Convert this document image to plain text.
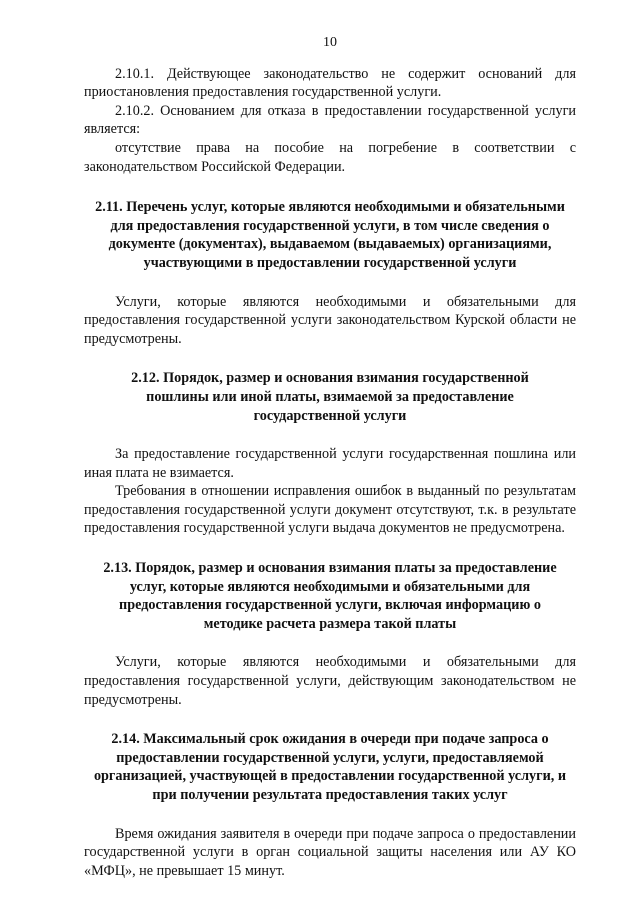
10

2.10.1. Действующее законодательство не содержит оснований для приостановления предоставления государственной услуги.

2.10.2. Основанием для отказа в предоставлении государственной услуги является:

отсутствие права на пособие на погребение в соответствии с законодательством Российской Федерации.

2.11. Перечень услуг, которые являются необходимыми и обязательными для предоставления государственной услуги, в том числе сведения о документе (документах), выдаваемом (выдаваемых) организациями, участвующими в предоставлении государственной услуги

Услуги, которые являются необходимыми и обязательными для предоставления государственной услуги законодательством Курской области не предусмотрены.

2.12. Порядок, размер и основания взимания государственной пошлины или иной платы, взимаемой за предоставление государственной услуги

За предоставление государственной услуги государственная пошлина или иная плата не взимается.

Требования в отношении исправления ошибок в выданный по результатам предоставления государственной услуги документ отсутствуют, т.к. в результате предоставления государственной услуги выдача документов не предусмотрена.

2.13. Порядок, размер и основания взимания платы за предоставление услуг, которые являются необходимыми и обязательными для предоставления государственной услуги, включая информацию о методике расчета размера такой платы

Услуги, которые являются необходимыми и обязательными для предоставления государственной услуги, действующим законодательством не предусмотрены.

2.14. Максимальный срок ожидания в очереди при подаче запроса о предоставлении государственной услуги, услуги, предоставляемой организацией, участвующей в предоставлении государственной услуги, и при получении результата предоставления таких услуг

Время ожидания заявителя в очереди при подаче запроса о предоставлении государственной услуги в орган социальной защиты населения или АУ КО «МФЦ», не превышает 15 минут.
